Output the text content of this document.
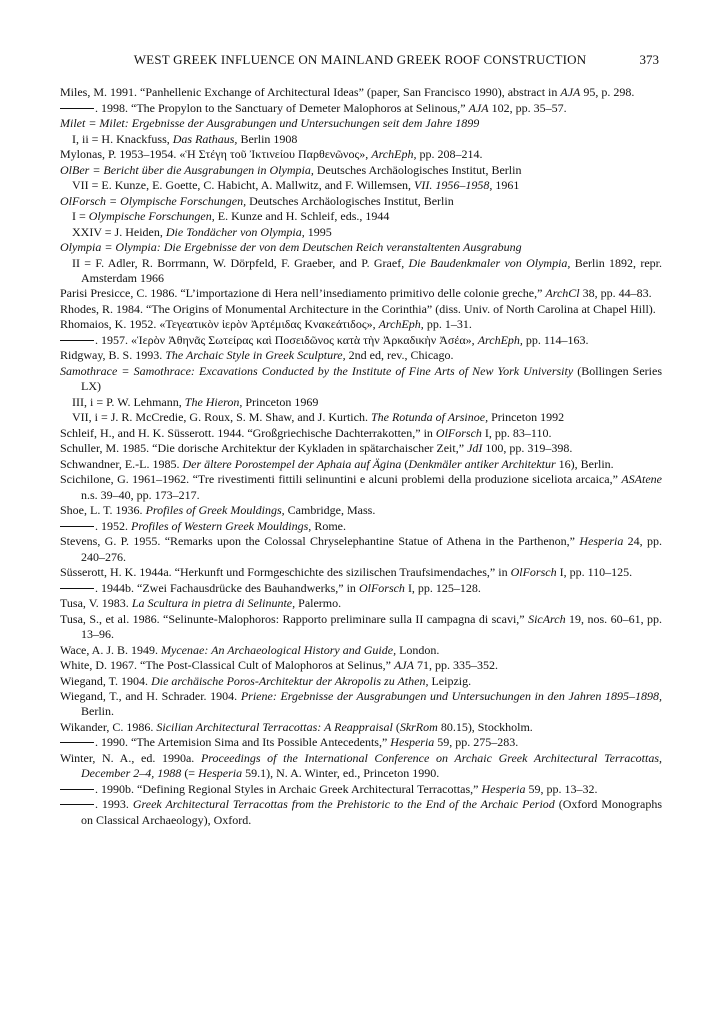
WEST GREEK INFLUENCE ON MAINLAND GREEK ROOF CONSTRUCTION	373
Miles, M. 1991. “Panhellenic Exchange of Architectural Ideas” (paper, San Francisco 1990), abstract in AJA 95, p. 298.
. 1998. “The Propylon to the Sanctuary of Demeter Malophoros at Selinous,” AJA 102, pp. 35–57.
Milet = Milet: Ergebnisse der Ausgrabungen und Untersuchungen seit dem Jahre 1899
I, ii = H. Knackfuss, Das Rathaus, Berlin 1908
Mylonas, P. 1953–1954. «Ἡ Στέγη τοῦ Ἰκτινείου Παρθενῶνος», ArchEph, pp. 208–214.
OlBer = Bericht über die Ausgrabungen in Olympia, Deutsches Archäologisches Institut, Berlin
VII = E. Kunze, E. Goette, C. Habicht, A. Mallwitz, and F. Willemsen, VII. 1956–1958, 1961
OlForsch = Olympische Forschungen, Deutsches Archäologisches Institut, Berlin
I = Olympische Forschungen, E. Kunze and H. Schleif, eds., 1944
XXIV = J. Heiden, Die Tondächer von Olympia, 1995
Olympia = Olympia: Die Ergebnisse der von dem Deutschen Reich veranstaltenten Ausgrabung
II = F. Adler, R. Borrmann, W. Dörpfeld, F. Graeber, and P. Graef, Die Baudenkmaler von Olympia, Berlin 1892, repr. Amsterdam 1966
Parisi Presicce, C. 1986. “L’importazione di Hera nell’insediamento primitivo delle colonie greche,” ArchCl 38, pp. 44–83.
Rhodes, R. 1984. “The Origins of Monumental Architecture in the Corinthia” (diss. Univ. of North Carolina at Chapel Hill).
Rhomaios, K. 1952. «Τεγεατικὸν ἱερὸν Ἀρτέμιδας Κνακεάτιδος», ArchEph, pp. 1–31.
. 1957. «Ἱερὸν Ἀθηνᾶς Σωτείρας καὶ Ποσειδῶνος κατὰ τὴν Ἀρκαδικὴν Ἀσέα», ArchEph, pp. 114–163.
Ridgway, B. S. 1993. The Archaic Style in Greek Sculpture, 2nd ed, rev., Chicago.
Samothrace = Samothrace: Excavations Conducted by the Institute of Fine Arts of New York University (Bollingen Series LX)
III, i = P. W. Lehmann, The Hieron, Princeton 1969
VII, i = J. R. McCredie, G. Roux, S. M. Shaw, and J. Kurtich. The Rotunda of Arsinoe, Princeton 1992
Schleif, H., and H. K. Süsserott. 1944. “Großgriechische Dachterrakotten,” in OlForsch I, pp. 83–110.
Schuller, M. 1985. “Die dorische Architektur der Kykladen in spätarchaischer Zeit,” JdI 100, pp. 319–398.
Schwandner, E.-L. 1985. Der ältere Porostempel der Aphaia auf Ägina (Denkmäler antiker Architektur 16), Berlin.
Scichilone, G. 1961–1962. “Tre rivestimenti fittili selinuntini e alcuni problemi della produzione siceliota arcaica,” ASAtene n.s. 39–40, pp. 173–217.
Shoe, L. T. 1936. Profiles of Greek Mouldings, Cambridge, Mass.
. 1952. Profiles of Western Greek Mouldings, Rome.
Stevens, G. P. 1955. “Remarks upon the Colossal Chryselephantine Statue of Athena in the Parthenon,” Hesperia 24, pp. 240–276.
Süsserott, H. K. 1944a. “Herkunft und Formgeschichte des sizilischen Traufsimendaches,” in OlForsch I, pp. 110–125.
. 1944b. “Zwei Fachausdrücke des Bauhandwerks,” in OlForsch I, pp. 125–128.
Tusa, V. 1983. La Scultura in pietra di Selinunte, Palermo.
Tusa, S., et al. 1986. “Selinunte-Malophoros: Rapporto preliminare sulla II campagna di scavi,” SicArch 19, nos. 60–61, pp. 13–96.
Wace, A. J. B. 1949. Mycenae: An Archaeological History and Guide, London.
White, D. 1967. “The Post-Classical Cult of Malophoros at Selinus,” AJA 71, pp. 335–352.
Wiegand, T. 1904. Die archäische Poros-Architektur der Akropolis zu Athen, Leipzig.
Wiegand, T., and H. Schrader. 1904. Priene: Ergebnisse der Ausgrabungen und Untersuchungen in den Jahren 1895–1898, Berlin.
Wikander, C. 1986. Sicilian Architectural Terracottas: A Reappraisal (SkrRom 80.15), Stockholm.
. 1990. “The Artemision Sima and Its Possible Antecedents,” Hesperia 59, pp. 275–283.
Winter, N. A., ed. 1990a. Proceedings of the International Conference on Archaic Greek Architectural Terracottas, December 2–4, 1988 (= Hesperia 59.1), N. A. Winter, ed., Princeton 1990.
. 1990b. “Defining Regional Styles in Archaic Greek Architectural Terracottas,” Hesperia 59, pp. 13–32.
. 1993. Greek Architectural Terracottas from the Prehistoric to the End of the Archaic Period (Oxford Monographs on Classical Archaeology), Oxford.
